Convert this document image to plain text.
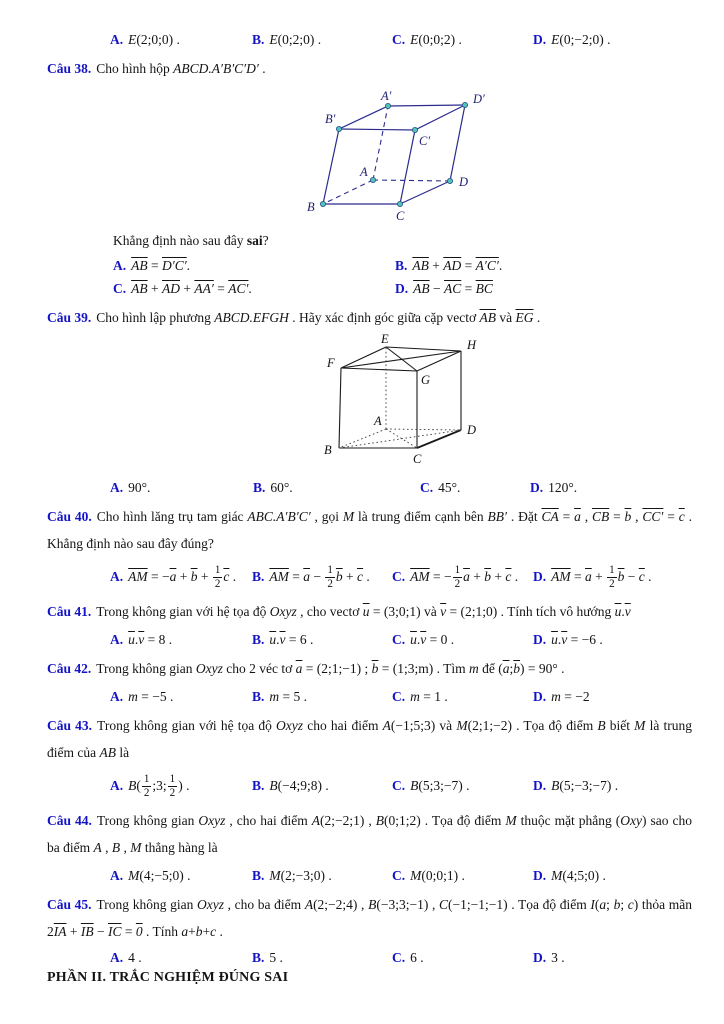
A. E(2;0;0) .	B. E(0;2;0) .	C. E(0;0;2) .	D. E(0;−2;0) .

Câu 38. Cho hình hộp ABCD.A′B′C′D′ .

A′	D′
B′
C′
A
D
B
C
Khẳng định nào sau đây sai?
A. $\overline{AB} = D'C'$.	B. $\overline{AB} + \overline{AD} = A'C'$.
C. $\overline{AB} + \overline{AD} + AA' = AC'$.	D. $\overline{AB} - \overline{AC} = \overline{BC}$

Câu 39. Cho hình lập phương ABCD.EFGH . Hãy xác định góc giữa cặp vectơ $\overline{AB}$ và $\overline{EG}$ .

E	H
F
G
A
D
B
C
A. 90°.	B. 60°.	C. 45°.	D. 120°.

Câu 40. Cho hình lăng trụ tam giác ABC.A′B′C′ , gọi M là trung điểm cạnh bên BB′ . Đặt $\overline{CA} = \overline{a}$ , $\overline{CB} = \overline{b}$ , $CC' = \overline{c}$ . Khẳng định nào sau đây đúng?

A. $\overline{AM} = -\overline{a} + \overline{b} + \frac{1}{2} \overline{c}$ .	B. $\overline{AM} = \overline{a} - \frac{1}{2} \overline{b} + \overline{c}$ .	C. $\overline{AM}$ = − $\frac{1}{2} \overline{a} + \overline{b} + \overline{c}$ .	D. $\overline{AM} = \overline{a} + \frac{1}{2} \overline{b} - \overline{c}$ .

Câu 41. Trong không gian với hệ tọa độ Oxyz , cho vectơ $\overline{u}$ = (3;0;1) và $\overline{v}$ = (2;1;0) . Tính tích vô hướng $\overline{u}.\overline{v}$

A. $\overline{u}.\overline{v} = 8$ .	B. $\overline{u}.\overline{v} = 6$ .	C. $\overline{u}.\overline{v} = 0$ .	D. $\overline{u}.\overline{v} = -6$ .

Câu 42. Trong không gian Oxyz cho 2 véc tơ $\overline{a}$ = (2;1;−1) ; $\overline{b}$ = (1;3;m) . Tìm m để $(\overline{a};\overline{b}) = 90^\circ$ .

A. m = −5 .	B. m = 5 .	C. m = 1 .	D. m = −2

Câu 43. Trong không gian với hệ tọa độ Oxyz cho hai điểm A(−1;5;3) và M(2;1;−2) . Tọa độ điểm B biết M là trung điểm của AB là

A. $B( \frac{1}{2}$ ;3; $\frac{1}{2}$ ) .	B. B(−4;9;8) .	C. B(5;3;−7) .	D. B(5;−3;−7) .

Câu 44. Trong không gian Oxyz , cho hai điểm A(2;−2;1) , B(0;1;2) . Tọa độ điểm M thuộc mặt phẳng (Oxy) sao cho ba điểm A , B , M thẳng hàng là

A. M(4;−5;0) .	B. M(2;−3;0) .	C. M(0;0;1) .	D. M(4;5;0) .

Câu 45. Trong không gian Oxyz , cho ba điểm A(2;−2;4) , B(−3;3;−1) , C(−1;−1;−1) . Tọa độ điểm I(a; b; c) thỏa mãn $2\overline{IA} + \overline{IB} - \overline{IC} = 0$ . Tính a+b+c .

A. 4 .	B. 5 .	C. 6 .	D. 3 .
PHẦN II. TRẮC NGHIỆM ĐÚNG SAI
